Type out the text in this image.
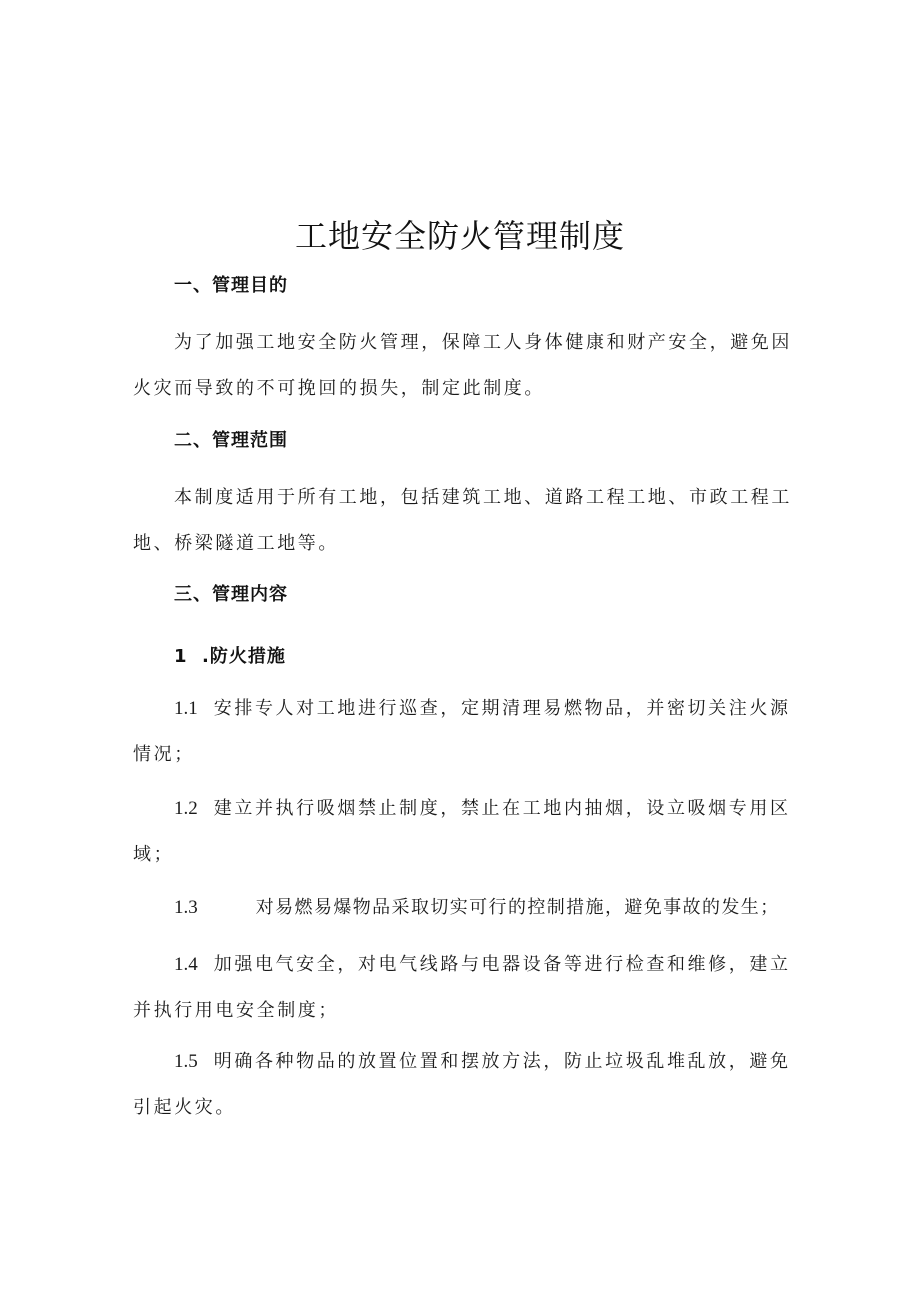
工地安全防火管理制度
一、管理目的
为了加强工地安全防火管理，保障工人身体健康和财产安全，避免因
火灾而导致的不可挽回的损失，制定此制度。
二、管理范围
本制度适用于所有工地，包括建筑工地、道路工程工地、市政工程工
地、桥梁隧道工地等。
三、管理内容
1  .防火措施
1.1 安排专人对工地进行巡查，定期清理易燃物品，并密切关注火源
情况；
1.2 建立并执行吸烟禁止制度，禁止在工地内抽烟，设立吸烟专用区
域；
1.3	对易燃易爆物品采取切实可行的控制措施，避免事故的发生；
1.4 加强电气安全，对电气线路与电器设备等进行检查和维修，建立
并执行用电安全制度；
1.5 明确各种物品的放置位置和摆放方法，防止垃圾乱堆乱放，避免
引起火灾。
